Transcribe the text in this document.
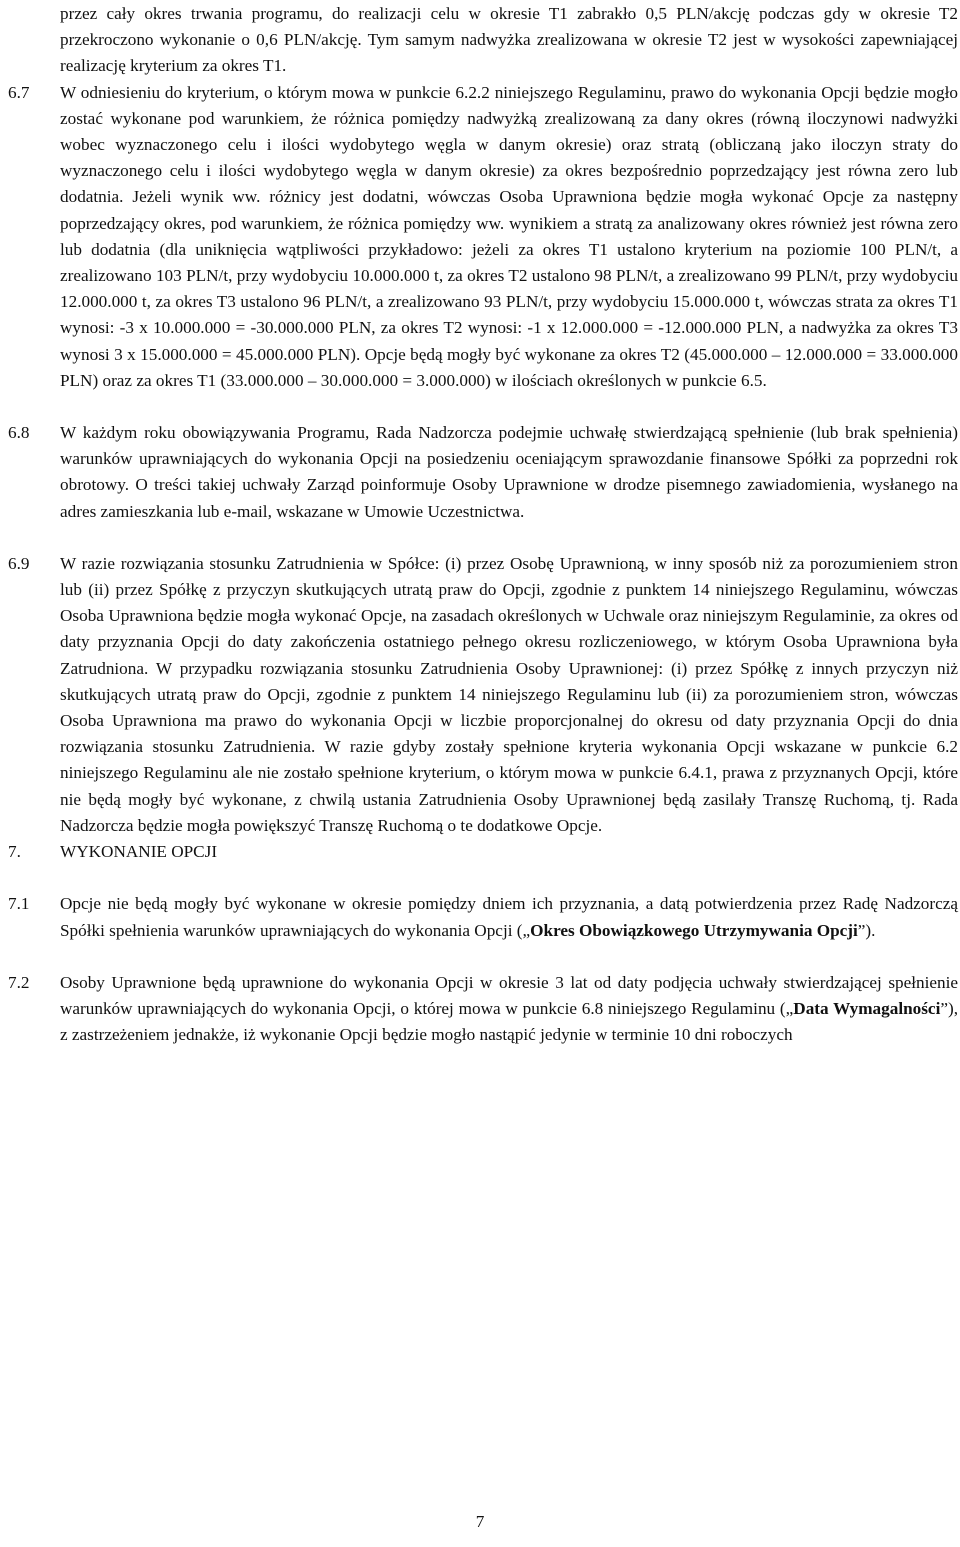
przez cały okres trwania programu, do realizacji celu w okresie T1 zabrakło 0,5 PLN/akcję podczas gdy w okresie T2 przekroczono wykonanie o 0,6 PLN/akcję. Tym samym nadwyżka zrealizowana w okresie T2 jest w wysokości zapewniającej realizację kryterium za okres T1.

6.7 W odniesieniu do kryterium, o którym mowa w punkcie 6.2.2 niniejszego Regulaminu, prawo do wykonania Opcji będzie mogło zostać wykonane pod warunkiem, że różnica pomiędzy nadwyżką zrealizowaną za dany okres (równą iloczynowi nadwyżki wobec wyznaczonego celu i ilości wydobytego węgla w danym okresie) oraz stratą (obliczaną jako iloczyn straty do wyznaczonego celu i ilości wydobytego węgla w danym okresie) za okres bezpośrednio poprzedzający jest równa zero lub dodatnia. Jeżeli wynik ww. różnicy jest dodatni, wówczas Osoba Uprawniona będzie mogła wykonać Opcje za następny poprzedzający okres, pod warunkiem, że różnica pomiędzy ww. wynikiem a stratą za analizowany okres również jest równa zero lub dodatnia (dla uniknięcia wątpliwości przykładowo: jeżeli za okres T1 ustalono kryterium na poziomie 100 PLN/t, a zrealizowano 103 PLN/t, przy wydobyciu 10.000.000 t, za okres T2 ustalono 98 PLN/t, a zrealizowano 99 PLN/t, przy wydobyciu 12.000.000 t, za okres T3 ustalono 96 PLN/t, a zrealizowano 93 PLN/t, przy wydobyciu 15.000.000 t, wówczas strata za okres T1 wynosi: -3 x 10.000.000 = -30.000.000 PLN, za okres T2 wynosi: -1 x 12.000.000 = -12.000.000 PLN, a nadwyżka za okres T3 wynosi 3 x 15.000.000 = 45.000.000 PLN). Opcje będą mogły być wykonane za okres T2 (45.000.000 – 12.000.000 = 33.000.000 PLN) oraz za okres T1 (33.000.000 – 30.000.000 = 3.000.000) w ilościach określonych w punkcie 6.5.
6.8 W każdym roku obowiązywania Programu, Rada Nadzorcza podejmie uchwałę stwierdzającą spełnienie (lub brak spełnienia) warunków uprawniających do wykonania Opcji na posiedzeniu oceniającym sprawozdanie finansowe Spółki za poprzedni rok obrotowy. O treści takiej uchwały Zarząd poinformuje Osoby Uprawnione w drodze pisemnego zawiadomienia, wysłanego na adres zamieszkania lub e-mail, wskazane w Umowie Uczestnictwa.
6.9 W razie rozwiązania stosunku Zatrudnienia w Spółce: (i) przez Osobę Uprawnioną, w inny sposób niż za porozumieniem stron lub (ii) przez Spółkę z przyczyn skutkujących utratą praw do Opcji, zgodnie z punktem 14 niniejszego Regulaminu, wówczas Osoba Uprawniona będzie mogła wykonać Opcje, na zasadach określonych w Uchwale oraz niniejszym Regulaminie, za okres od daty przyznania Opcji do daty zakończenia ostatniego pełnego okresu rozliczeniowego, w którym Osoba Uprawniona była Zatrudniona. W przypadku rozwiązania stosunku Zatrudnienia Osoby Uprawnionej: (i) przez Spółkę z innych przyczyn niż skutkujących utratą praw do Opcji, zgodnie z punktem 14 niniejszego Regulaminu lub (ii) za porozumieniem stron, wówczas Osoba Uprawniona ma prawo do wykonania Opcji w liczbie proporcjonalnej do okresu od daty przyznania Opcji do dnia rozwiązania stosunku Zatrudnienia. W razie gdyby zostały spełnione kryteria wykonania Opcji wskazane w punkcie 6.2 niniejszego Regulaminu ale nie zostało spełnione kryterium, o którym mowa w punkcie 6.4.1, prawa z przyznanych Opcji, które nie będą mogły być wykonane, z chwilą ustania Zatrudnienia Osoby Uprawnionej będą zasilały Transzę Ruchomą, tj. Rada Nadzorcza będzie mogła powiększyć Transzę Ruchomą o te dodatkowe Opcje.
7. WYKONANIE OPCJI
7.1 Opcje nie będą mogły być wykonane w okresie pomiędzy dniem ich przyznania, a datą potwierdzenia przez Radę Nadzorczą Spółki spełnienia warunków uprawniających do wykonania Opcji („Okres Obowiązkowego Utrzymywania Opcji”).
7.2 Osoby Uprawnione będą uprawnione do wykonania Opcji w okresie 3 lat od daty podjęcia uchwały stwierdzającej spełnienie warunków uprawniających do wykonania Opcji, o której mowa w punkcie 6.8 niniejszego Regulaminu („Data Wymagalności”), z zastrzeżeniem jednakże, iż wykonanie Opcji będzie mogło nastąpić jedynie w terminie 10 dni roboczych
7
